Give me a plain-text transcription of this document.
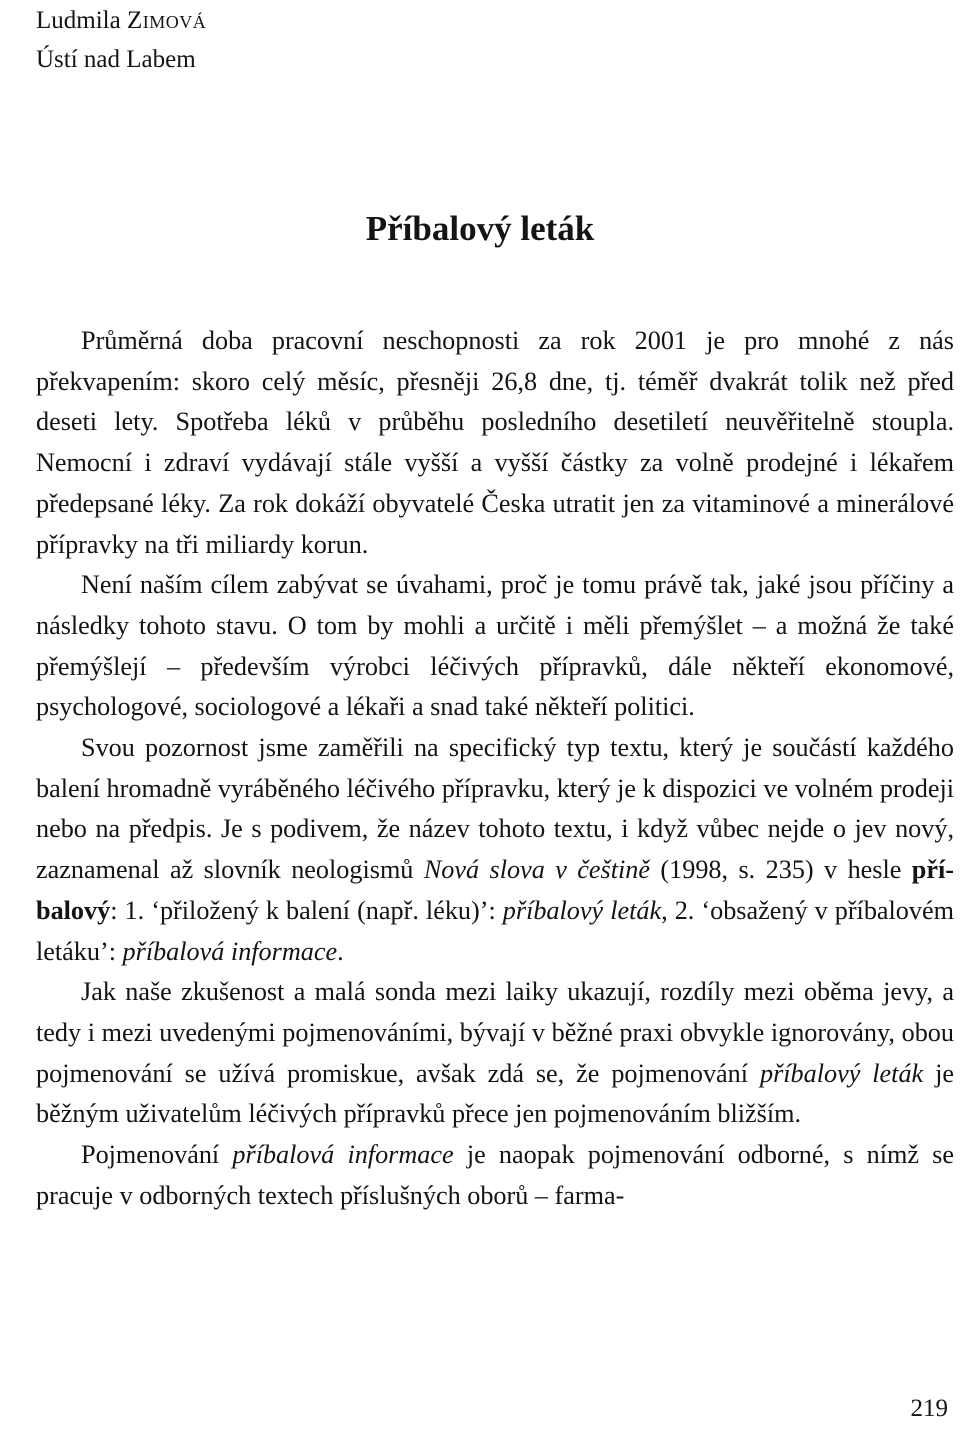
Ludmila Zimová
Ústí nad Labem
Příbalový leták

Průměrná doba pracovní neschopnosti za rok 2001 je pro mnohé z nás překvapením: skoro celý měsíc, přesněji 26,8 dne, tj. téměř dvakrát tolik než před deseti lety. Spotřeba léků v průběhu posledního desetiletí neuvěřitelně stoupla. Nemocní i zdraví vydávají stále vyšší a vyšší částky za volně prodejné i lékařem předepsané léky. Za rok dokáží obyvatelé Česka utratit jen za vitaminové a minerálové přípravky na tři miliardy korun.

Není naším cílem zabývat se úvahami, proč je tomu právě tak, jaké jsou příčiny a následky tohoto stavu. O tom by mohli a určitě i měli přemýšlet – a možná že také přemýšlejí – především výrobci léčivých přípravků, dále někteří ekonomové, psychologové, sociologové a lékaři a snad také někteří politici.

Svou pozornost jsme zaměřili na specifický typ textu, který je součástí každého balení hromadně vyráběného léčivého přípravku, který je k dispozici ve volném prodeji nebo na předpis. Je s podivem, že název tohoto textu, i když vůbec nejde o jev nový, zaznamenal až slovník neologismů Nová slova v češtině (1998, s. 235) v hesle příbalový: 1. ‘přiložený k balení (např. léku)’: příbalový leták, 2. ‘obsažený v příbalovém letáku’: příbalová informace.

Jak naše zkušenost a malá sonda mezi laiky ukazují, rozdíly mezi oběma jevy, a tedy i mezi uvedenými pojmenováními, bývají v běžné praxi obvykle ignorovány, obou pojmenování se užívá promiskue, avšak zdá se, že pojmenování příbalový leták je běžným uživatelům léčivých přípravků přece jen pojmenováním bližším.

Pojmenování příbalová informace je naopak pojmenování odborné, s nímž se pracuje v odborných textech příslušných oborů – farma-

219
